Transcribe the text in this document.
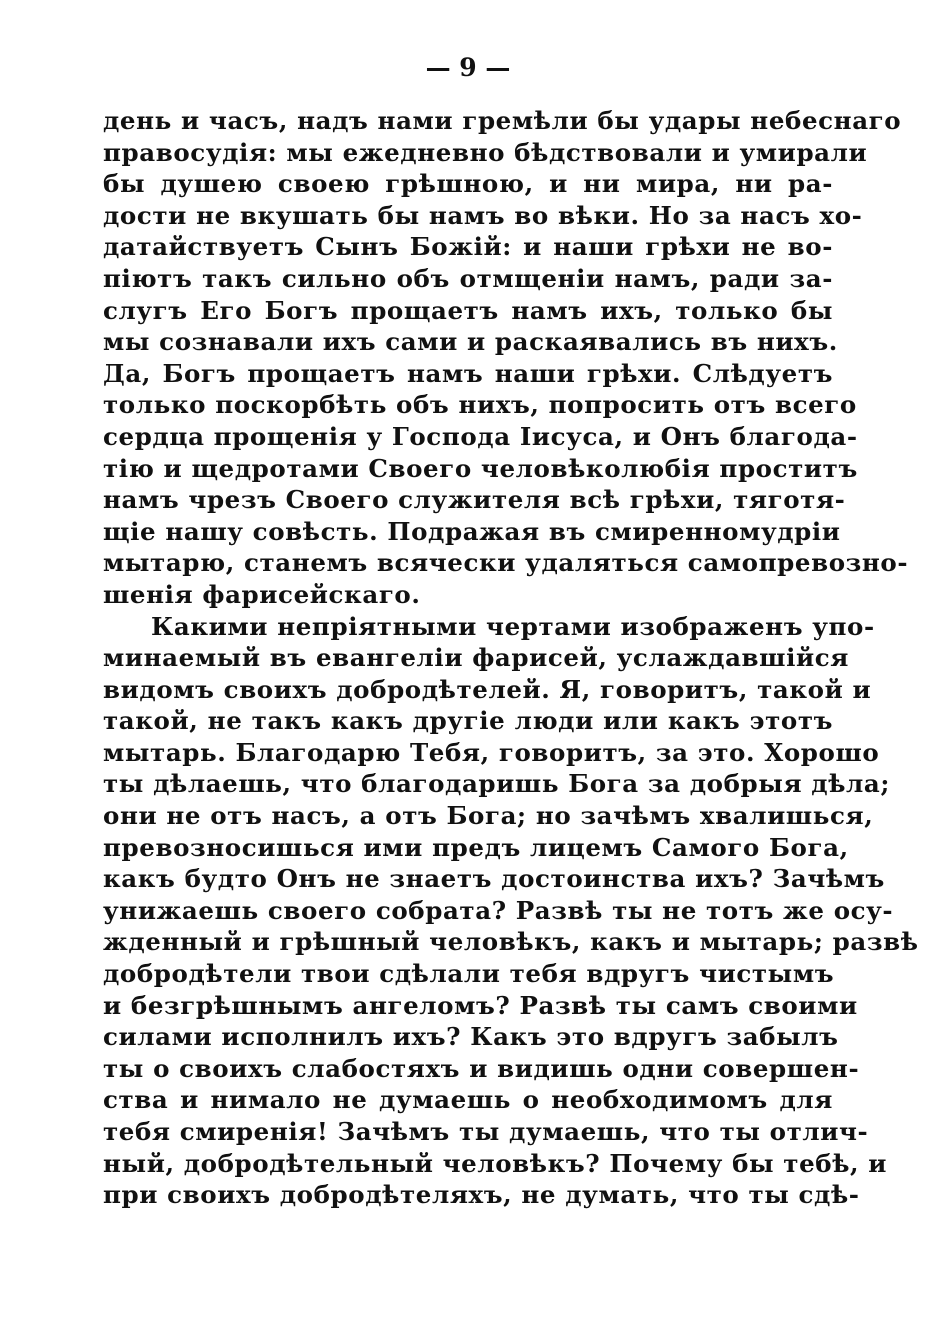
— 9 —
день и часъ, надъ нами гремѣли бы удары небеснаго
правосудія: мы ежедневно бѣдствовали и умирали
бы душею своею грѣшною, и ни мира, ни ра-
дости не вкушать бы намъ во вѣки. Но за насъ хо-
датайствуетъ Сынъ Божій: и наши грѣхи не во-
піютъ такъ сильно объ отмщеніи намъ, ради за-
слугъ Его Богъ прощаетъ намъ ихъ, только бы
мы сознавали ихъ сами и раскаявались въ нихъ.
Да, Богъ прощаетъ намъ наши грѣхи. Слѣдуетъ
только поскорбѣть объ нихъ, попросить отъ всего
сердца прощенія у Господа Іисуса, и Онъ благода-
тію и щедротами Своего человѣколюбія проститъ
намъ чрезъ Своего служителя всѣ грѣхи, тяготя-
щіе нашу совѣсть. Подражая въ смиренномудріи
мытарю, станемъ всячески удаляться самопревозно-
шенія фарисейскаго.
Какими непріятными чертами изображенъ упо-
минаемый въ евангеліи фарисей, услаждавшійся
видомъ своихъ добродѣтелей. Я, говоритъ, такой и
такой, не такъ какъ другіе люди или какъ этотъ
мытарь. Благодарю Тебя, говоритъ, за это. Хорошо
ты дѣлаешь, что благодаришь Бога за добрыя дѣла;
они не отъ насъ, а отъ Бога; но зачѣмъ хвалишься,
превозносишься ими предъ лицемъ Самого Бога,
какъ будто Онъ не знаетъ достоинства ихъ? Зачѣмъ
унижаешь своего собрата? Развѣ ты не тотъ же осу-
жденный и грѣшный человѣкъ, какъ и мытарь; развѣ
добродѣтели твои сдѣлали тебя вдругъ чистымъ
и безгрѣшнымъ ангеломъ? Развѣ ты самъ своими
силами исполнилъ ихъ? Какъ это вдругъ забылъ
ты о своихъ слабостяхъ и видишь одни совершен-
ства и нимало не думаешь о необходимомъ для
тебя смиренія! Зачѣмъ ты думаешь, что ты отлич-
ный, добродѣтельный человѣкъ? Почему бы тебѣ, и
при своихъ добродѣтеляхъ, не думать, что ты сдѣ-
